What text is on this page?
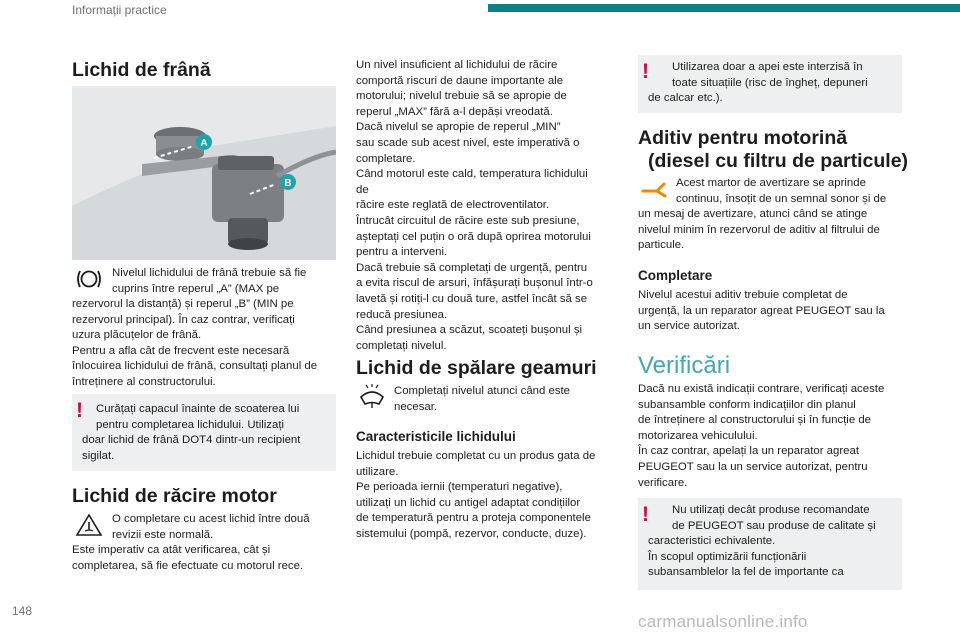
Informații practice
Lichid de frână
A
B

Nivelul lichidului de frână trebuie să fie

cuprins între reperul „A” (MAX pe

rezervorul la distanță) și reperul „B” (MIN pe

rezervorul principal). În caz contrar, verificați

uzura plăcuțelor de frână.

Pentru a afla cât de frecvent este necesară

înlocuirea lichidului de frână, consultați planul de

întreținere al constructorului.

! Curățați capacul înainte de scoaterea lui

pentru completarea lichidului. Utilizați

doar lichid de frână DOT4 dintr-un recipient

sigilat.

Lichid de răcire motor

O completare cu acest lichid între două

revizii este normală.

Este imperativ ca atât verificarea, cât și

completarea, să fie efectuate cu motorul rece.

Un nivel insuficient al lichidului de răcire

comportă riscuri de daune importante ale

motorului; nivelul trebuie să se apropie de

reperul „MAX” fără a-l depăși vreodată.

Dacă nivelul se apropie de reperul „MIN”

sau scade sub acest nivel, este imperativă o

completare.

Când motorul este cald, temperatura lichidului de

răcire este reglată de electroventilator.

Întrucât circuitul de răcire este sub presiune,

așteptați cel puțin o oră după oprirea motorului

pentru a interveni.

Dacă trebuie să completați de urgență, pentru

a evita riscul de arsuri, înfășurați bușonul într-o

lavetă și rotiți-l cu două ture, astfel încât să se

reducă presiunea.

Când presiunea a scăzut, scoateți bușonul și

completați nivelul.

Lichid de spălare geamuri

Completați nivelul atunci când este

necesar.

Caracteristicile lichidului

Lichidul trebuie completat cu un produs gata de

utilizare.

Pe perioada iernii (temperaturi negative),

utilizați un lichid cu antigel adaptat condițiilor

de temperatură pentru a proteja componentele

sistemului (pompă, rezervor, conducte, duze).

! Utilizarea doar a apei este interzisă în

toate situațiile (risc de îngheț, depuneri

de calcar etc.).

Aditiv pentru motorină
(diesel cu filtru de particule)

Acest martor de avertizare se aprinde

continuu, însoțit de un semnal sonor și de

un mesaj de avertizare, atunci când se atinge

nivelul minim în rezervorul de aditiv al filtrului de

particule.

Completare

Nivelul acestui aditiv trebuie completat de

urgență, la un reparator agreat PEUGEOT sau la

un service autorizat.

Verificări

Dacă nu există indicații contrare, verificați aceste

subansamble conform indicațiilor din planul

de întreținere al constructorului și în funcție de

motorizarea vehiculului.

În caz contrar, apelați la un reparator agreat

PEUGEOT sau la un service autorizat, pentru

verificare.

! Nu utilizați decât produse recomandate

de PEUGEOT sau produse de calitate și

caracteristici echivalente.

În scopul optimizării funcționării

subansamblelor la fel de importante ca

148
carmanualsonline.info
